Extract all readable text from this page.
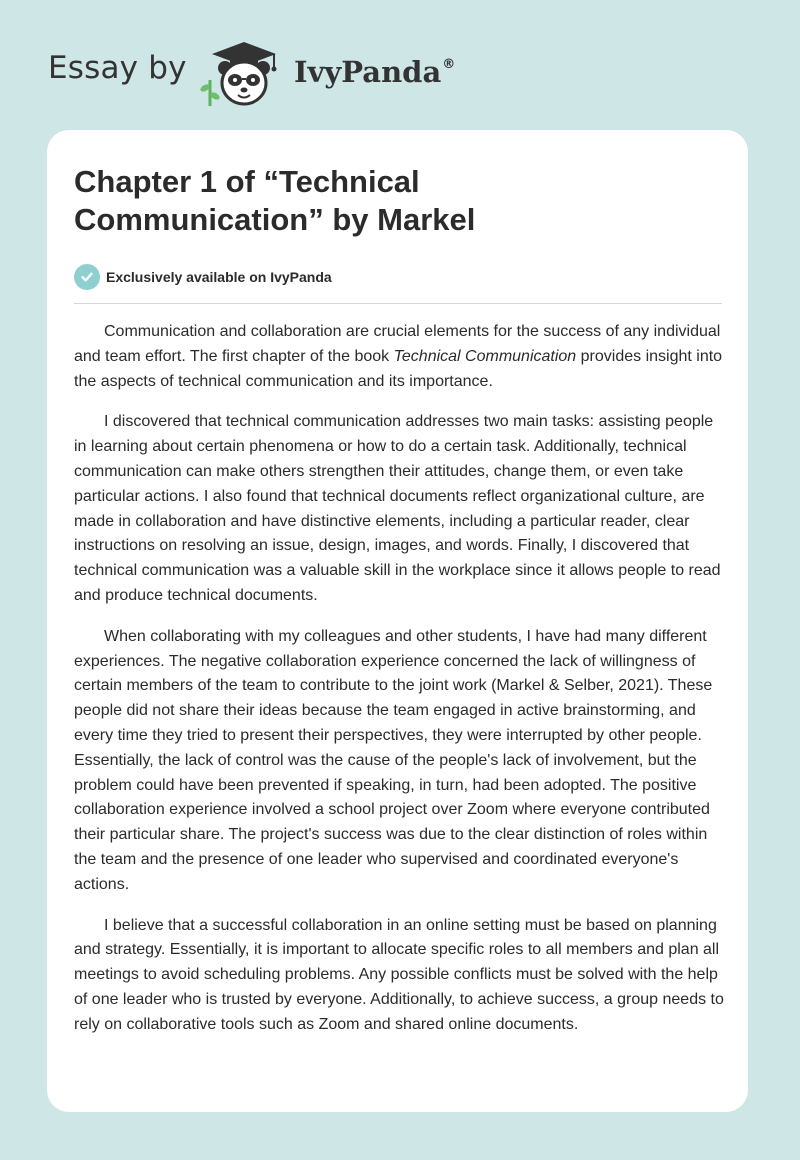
Essay by	IvyPanda®
Chapter 1 of “Technical Communication” by Markel
Exclusively available on IvyPanda

Communication and collaboration are crucial elements for the success of any individual and team effort. The first chapter of the book Technical Communication provides insight into the aspects of technical communication and its importance.

I discovered that technical communication addresses two main tasks: assisting people in learning about certain phenomena or how to do a certain task. Additionally, technical communication can make others strengthen their attitudes, change them, or even take particular actions. I also found that technical documents reflect organizational culture, are made in collaboration and have distinctive elements, including a particular reader, clear instructions on resolving an issue, design, images, and words. Finally, I discovered that technical communication was a valuable skill in the workplace since it allows people to read and produce technical documents.

When collaborating with my colleagues and other students, I have had many different experiences. The negative collaboration experience concerned the lack of willingness of certain members of the team to contribute to the joint work (Markel & Selber, 2021). These people did not share their ideas because the team engaged in active brainstorming, and every time they tried to present their perspectives, they were interrupted by other people. Essentially, the lack of control was the cause of the people's lack of involvement, but the problem could have been prevented if speaking, in turn, had been adopted. The positive collaboration experience involved a school project over Zoom where everyone contributed their particular share. The project's success was due to the clear distinction of roles within the team and the presence of one leader who supervised and coordinated everyone's actions.

I believe that a successful collaboration in an online setting must be based on planning and strategy. Essentially, it is important to allocate specific roles to all members and plan all meetings to avoid scheduling problems. Any possible conflicts must be solved with the help of one leader who is trusted by everyone. Additionally, to achieve success, a group needs to rely on collaborative tools such as Zoom and shared online documents.
